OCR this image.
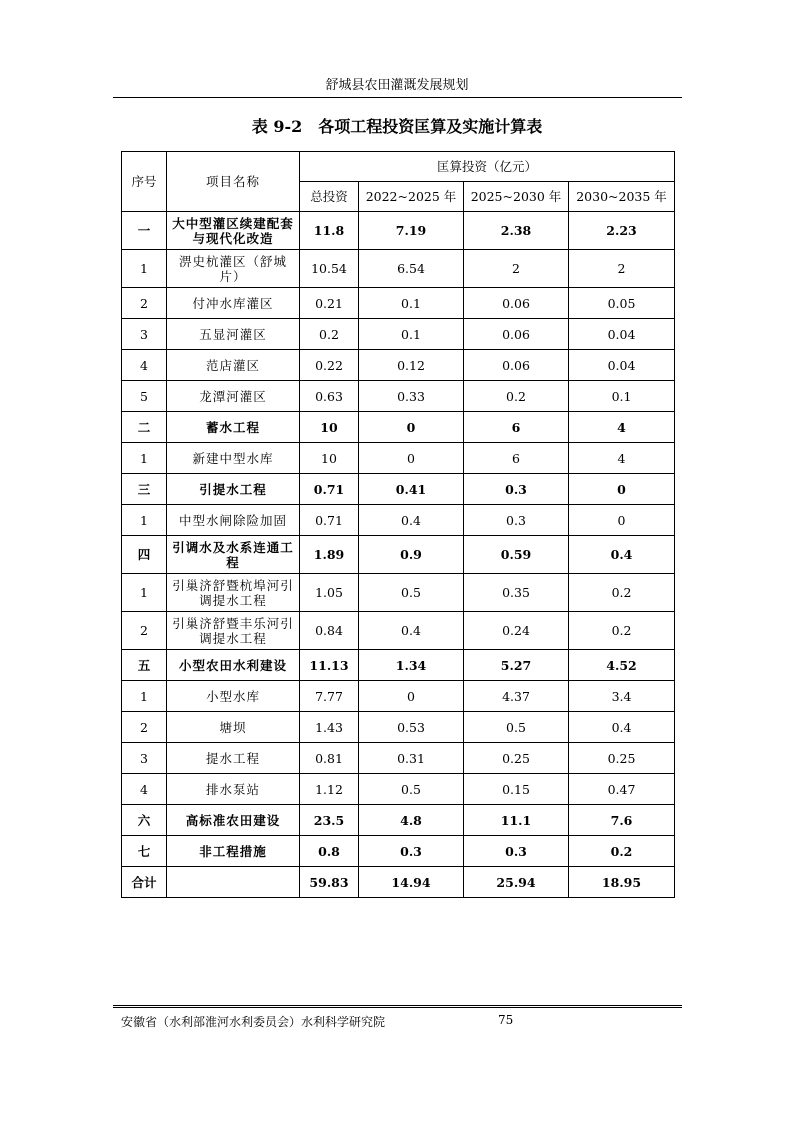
舒城县农田灌溉发展规划
表 9-2　各项工程投资匡算及实施计算表
序号	项目名称	匡算投资（亿元）			
		总投资	2022~2025 年	2025~2030 年	2030~2035 年
一	大中型灌区续建配套与现代化改造	11.8	7.19	2.38	2.23
1	淠史杭灌区（舒城片）	10.54	6.54	2	2
2	付冲水库灌区	0.21	0.1	0.06	0.05
3	五显河灌区	0.2	0.1	0.06	0.04
4	范店灌区	0.22	0.12	0.06	0.04
5	龙潭河灌区	0.63	0.33	0.2	0.1
二	蓄水工程	10	0	6	4
1	新建中型水库	10	0	6	4
三	引提水工程	0.71	0.41	0.3	0
1	中型水闸除险加固	0.71	0.4	0.3	0
四	引调水及水系连通工程	1.89	0.9	0.59	0.4
1	引巢济舒暨杭埠河引调提水工程	1.05	0.5	0.35	0.2
2	引巢济舒暨丰乐河引调提水工程	0.84	0.4	0.24	0.2
五	小型农田水利建设	11.13	1.34	5.27	4.52
1	小型水库	7.77	0	4.37	3.4
2	塘坝	1.43	0.53	0.5	0.4
3	提水工程	0.81	0.31	0.25	0.25
4	排水泵站	1.12	0.5	0.15	0.47
六	高标准农田建设	23.5	4.8	11.1	7.6
七	非工程措施	0.8	0.3	0.3	0.2
合计		59.83	14.94	25.94	18.95
安徽省（水利部淮河水利委员会）水利科学研究院	75
